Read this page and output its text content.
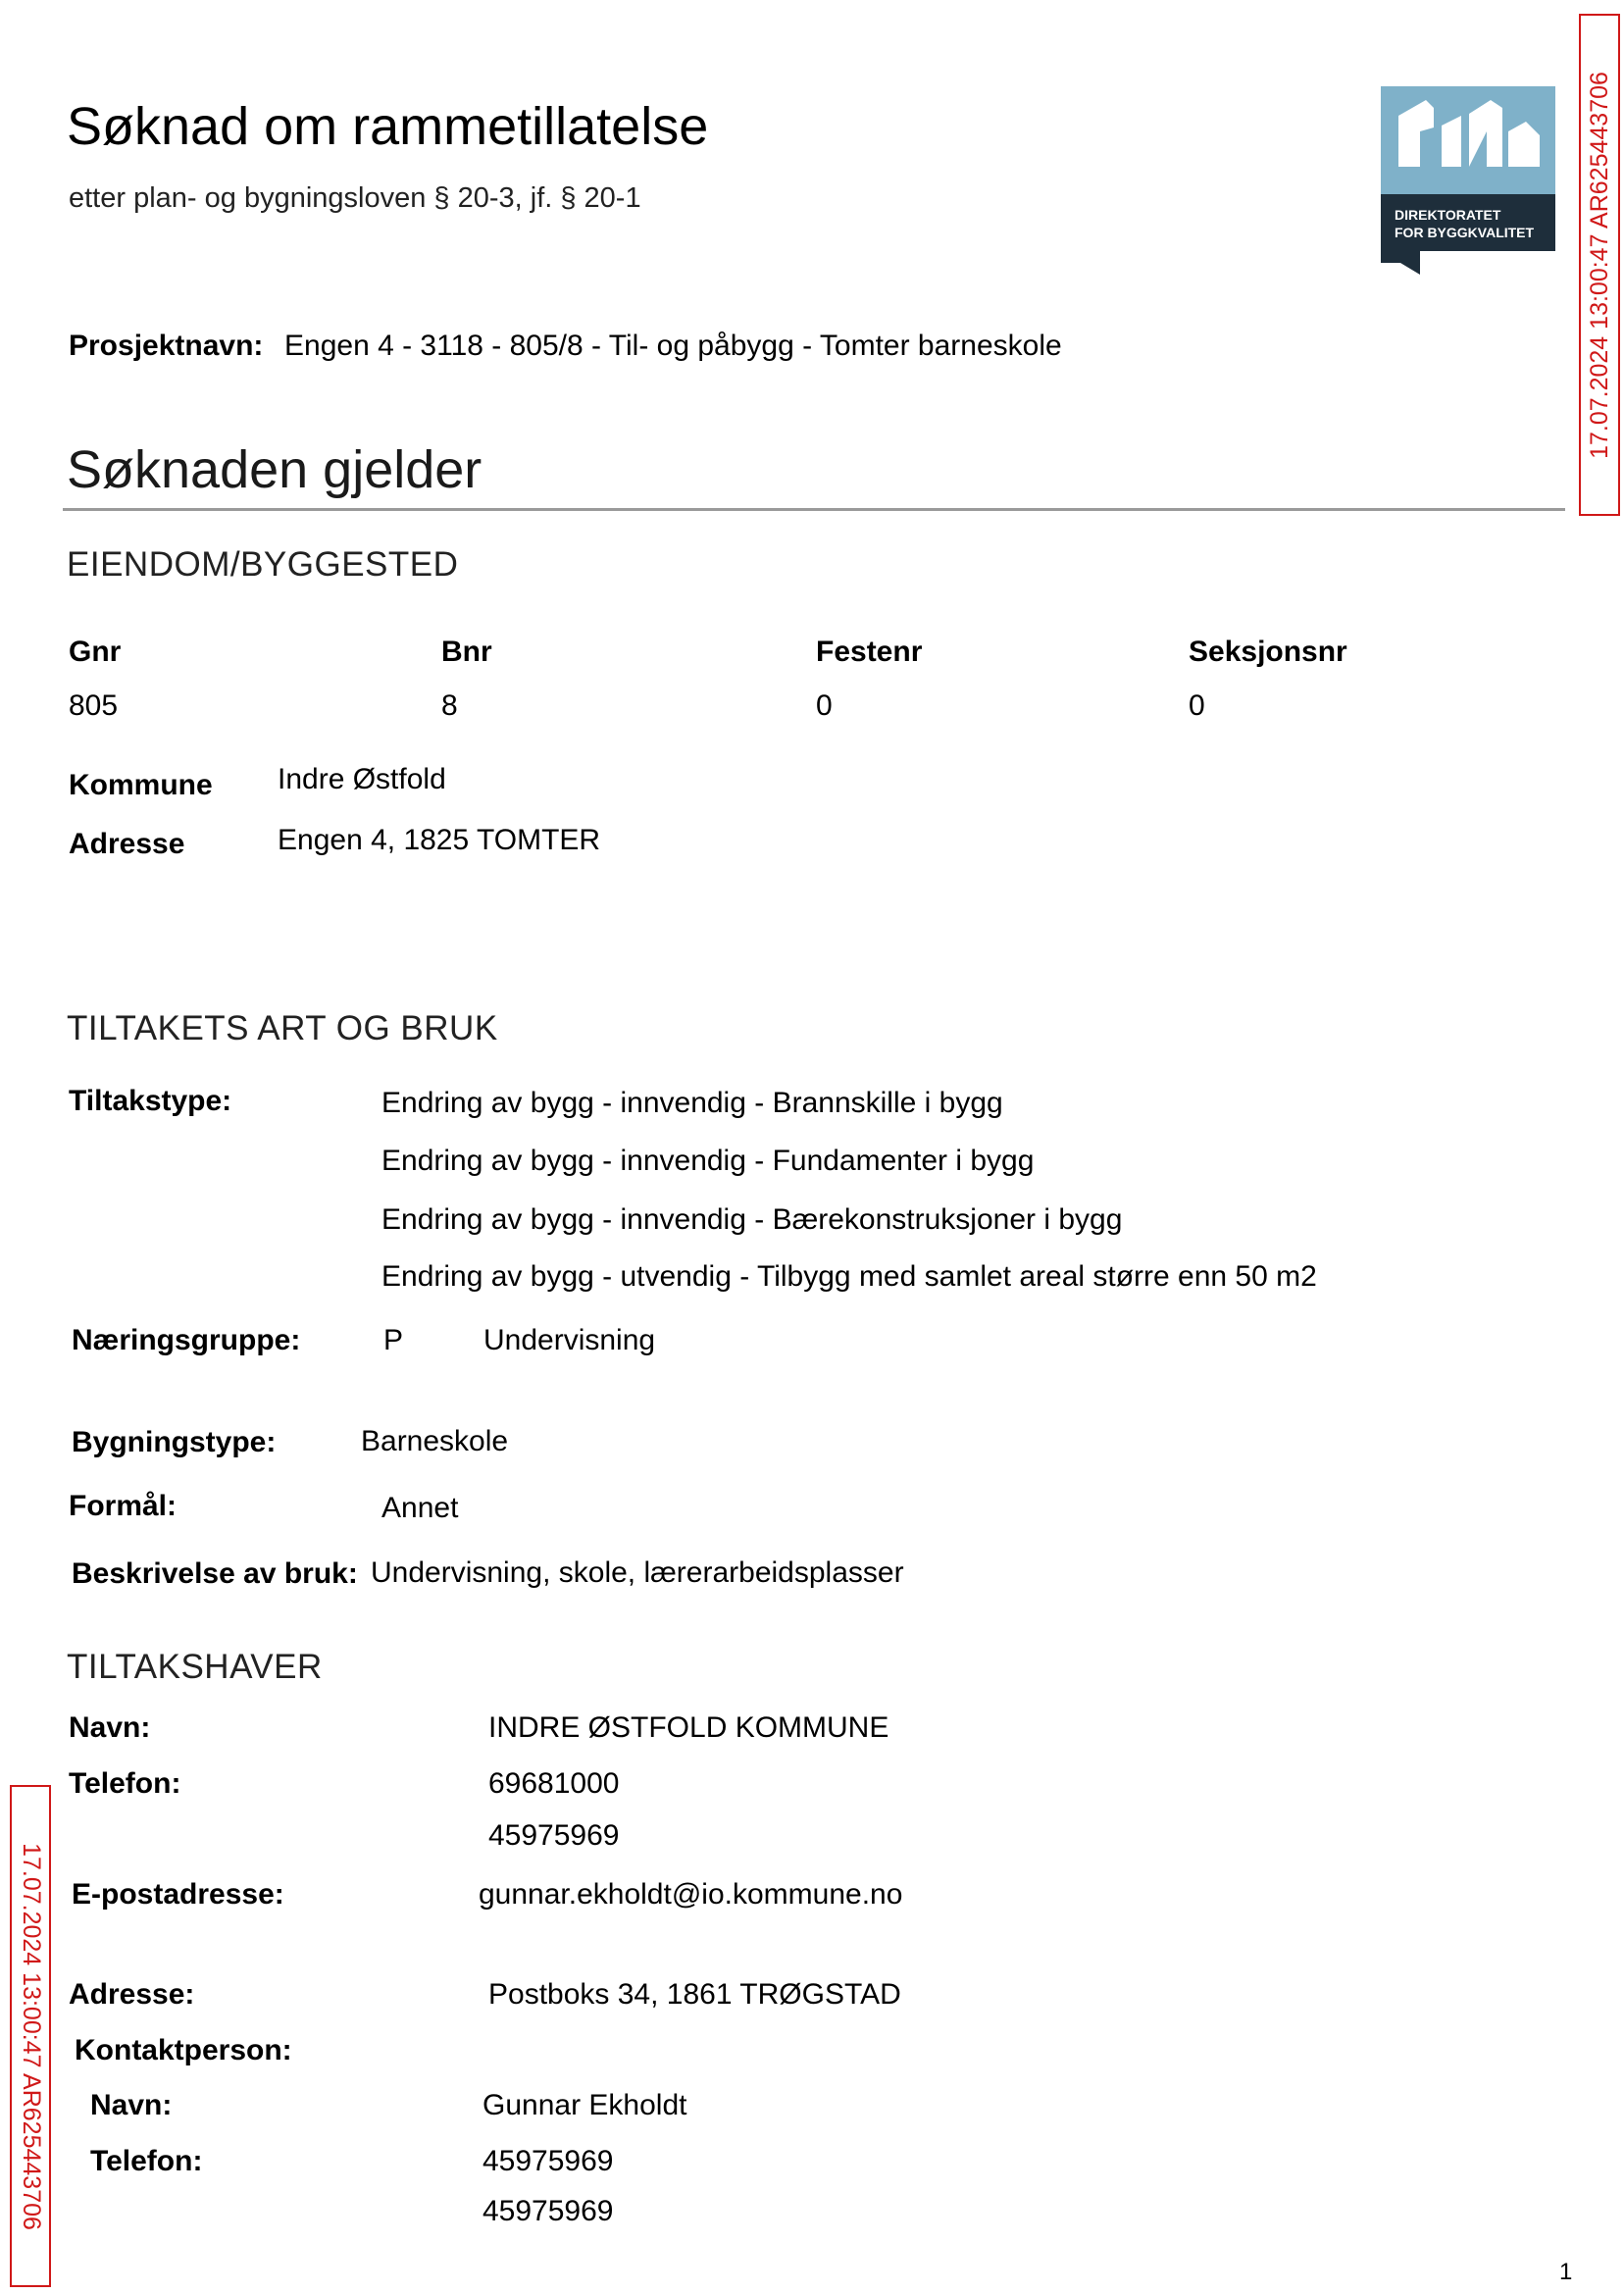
Søknad om rammetillatelse
etter plan- og bygningsloven § 20-3, jf. § 20-1
DIREKTORATET
FOR BYGGKVALITET 17.07.2024 13:00:47 AR625443706
17.07.2024 13:00:47 AR625443706
Prosjektnavn: Engen 4 - 3118 - 805/8 - Til- og påbygg - Tomter barneskole
Søknaden gjelder
EIENDOM/BYGGESTED
Gnr	Bnr	Festenr	Seksjonsnr
805	8	0	0
Kommune Indre Østfold
Adresse	Engen 4, 1825 TOMTER
TILTAKETS ART OG BRUK
Tiltakstype:	Endring av bygg - innvendig - Brannskille i bygg
Endring av bygg - innvendig - Fundamenter i bygg
Endring av bygg - innvendig - Bærekonstruksjoner i bygg
Endring av bygg - utvendig - Tilbygg med samlet areal større enn 50 m2
Næringsgruppe:	P	Undervisning
Bygningstype:	Barneskole
Formål:	Annet
Beskrivelse av bruk: Undervisning, skole, lærerarbeidsplasser
TILTAKSHAVER
Navn:	INDRE ØSTFOLD KOMMUNE
Telefon:	69681000
45975969
E-postadresse:	gunnar.ekholdt@io.kommune.no
Adresse:	Postboks 34, 1861 TRØGSTAD
Kontaktperson:
Navn:	Gunnar Ekholdt
Telefon:	45975969
45975969
1
